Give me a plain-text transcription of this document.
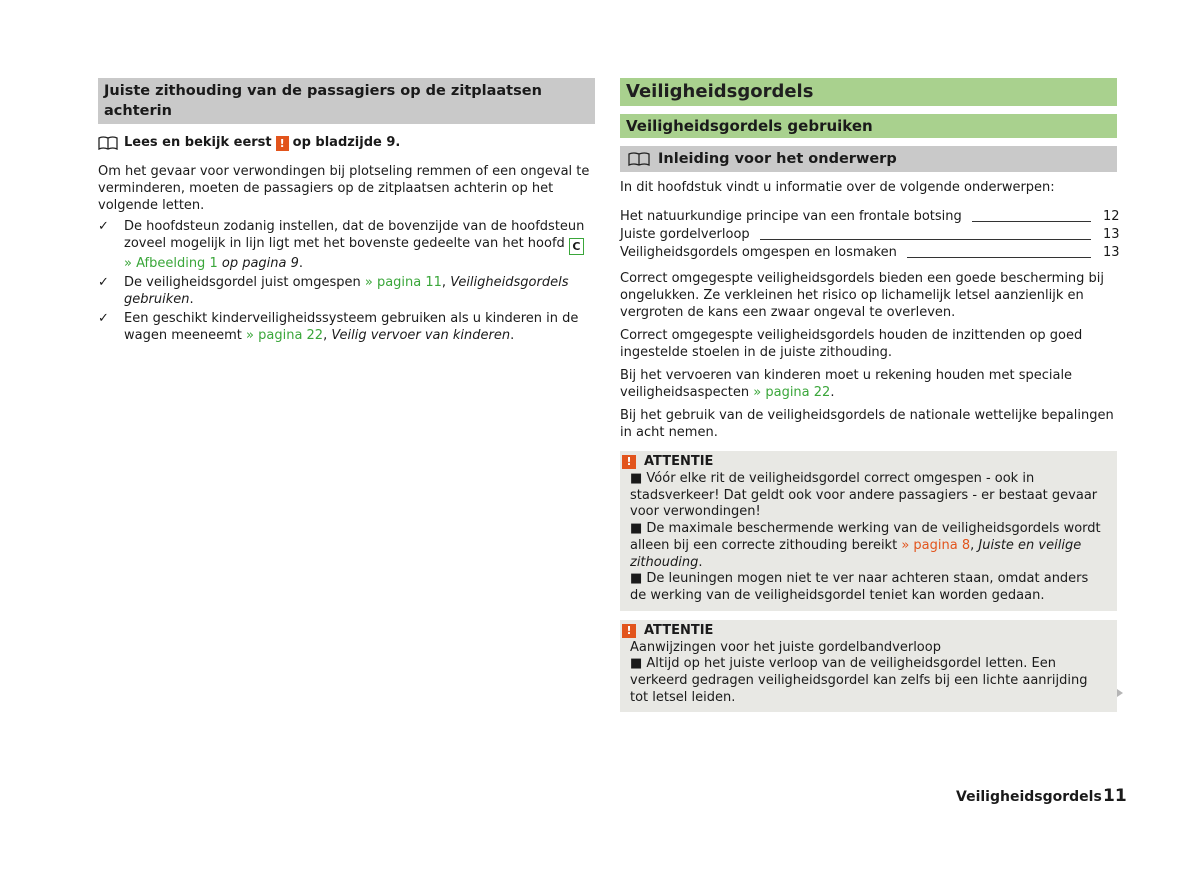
Juiste zithouding van de passagiers op de zitplaatsen achterin
Lees en bekijk eerst ! op bladzijde 9.

Om het gevaar voor verwondingen bij plotseling remmen of een ongeval te verminderen, moeten de passagiers op de zitplaatsen achterin op het volgende letten.

✓	De hoofdsteun zodanig instellen, dat de bovenzijde van de hoofdsteun zoveel mogelijk in lijn ligt met het bovenste gedeelte van het hoofd C » Afbeelding 1 op pagina 9.
✓	De veiligheidsgordel juist omgespen » pagina 11, Veiligheidsgordels gebruiken.
✓	Een geschikt kinderveiligheidssysteem gebruiken als u kinderen in de wagen meeneemt » pagina 22, Veilig vervoer van kinderen.
Veiligheidsgordels
Veiligheidsgordels gebruiken
Inleiding voor het onderwerp

In dit hoofdstuk vindt u informatie over de volgende onderwerpen:

Het natuurkundige principe van een frontale botsing	12
Juiste gordelverloop	13
Veiligheidsgordels omgespen en losmaken	13

Correct omgegespte veiligheidsgordels bieden een goede bescherming bij ongelukken. Ze verkleinen het risico op lichamelijk letsel aanzienlijk en vergroten de kans een zwaar ongeval te overleven.

Correct omgegespte veiligheidsgordels houden de inzittenden op goed ingestelde stoelen in de juiste zithouding.

Bij het vervoeren van kinderen moet u rekening houden met speciale veiligheidsaspecten » pagina 22.

Bij het gebruik van de veiligheidsgordels de nationale wettelijke bepalingen in acht nemen.

! ATTENTIE

■ Vóór elke rit de veiligheidsgordel correct omgespen - ook in stadsverkeer! Dat geldt ook voor andere passagiers - er bestaat gevaar voor verwondingen!

■ De maximale beschermende werking van de veiligheidsgordels wordt alleen bij een correcte zithouding bereikt » pagina 8, Juiste en veilige zithouding.

■ De leuningen mogen niet te ver naar achteren staan, omdat anders de werking van de veiligheidsgordel teniet kan worden gedaan.

! ATTENTIE

Aanwijzingen voor het juiste gordelbandverloop

■ Altijd op het juiste verloop van de veiligheidsgordel letten. Een verkeerd gedragen veiligheidsgordel kan zelfs bij een lichte aanrijding tot letsel leiden.

Veiligheidsgordels 11
